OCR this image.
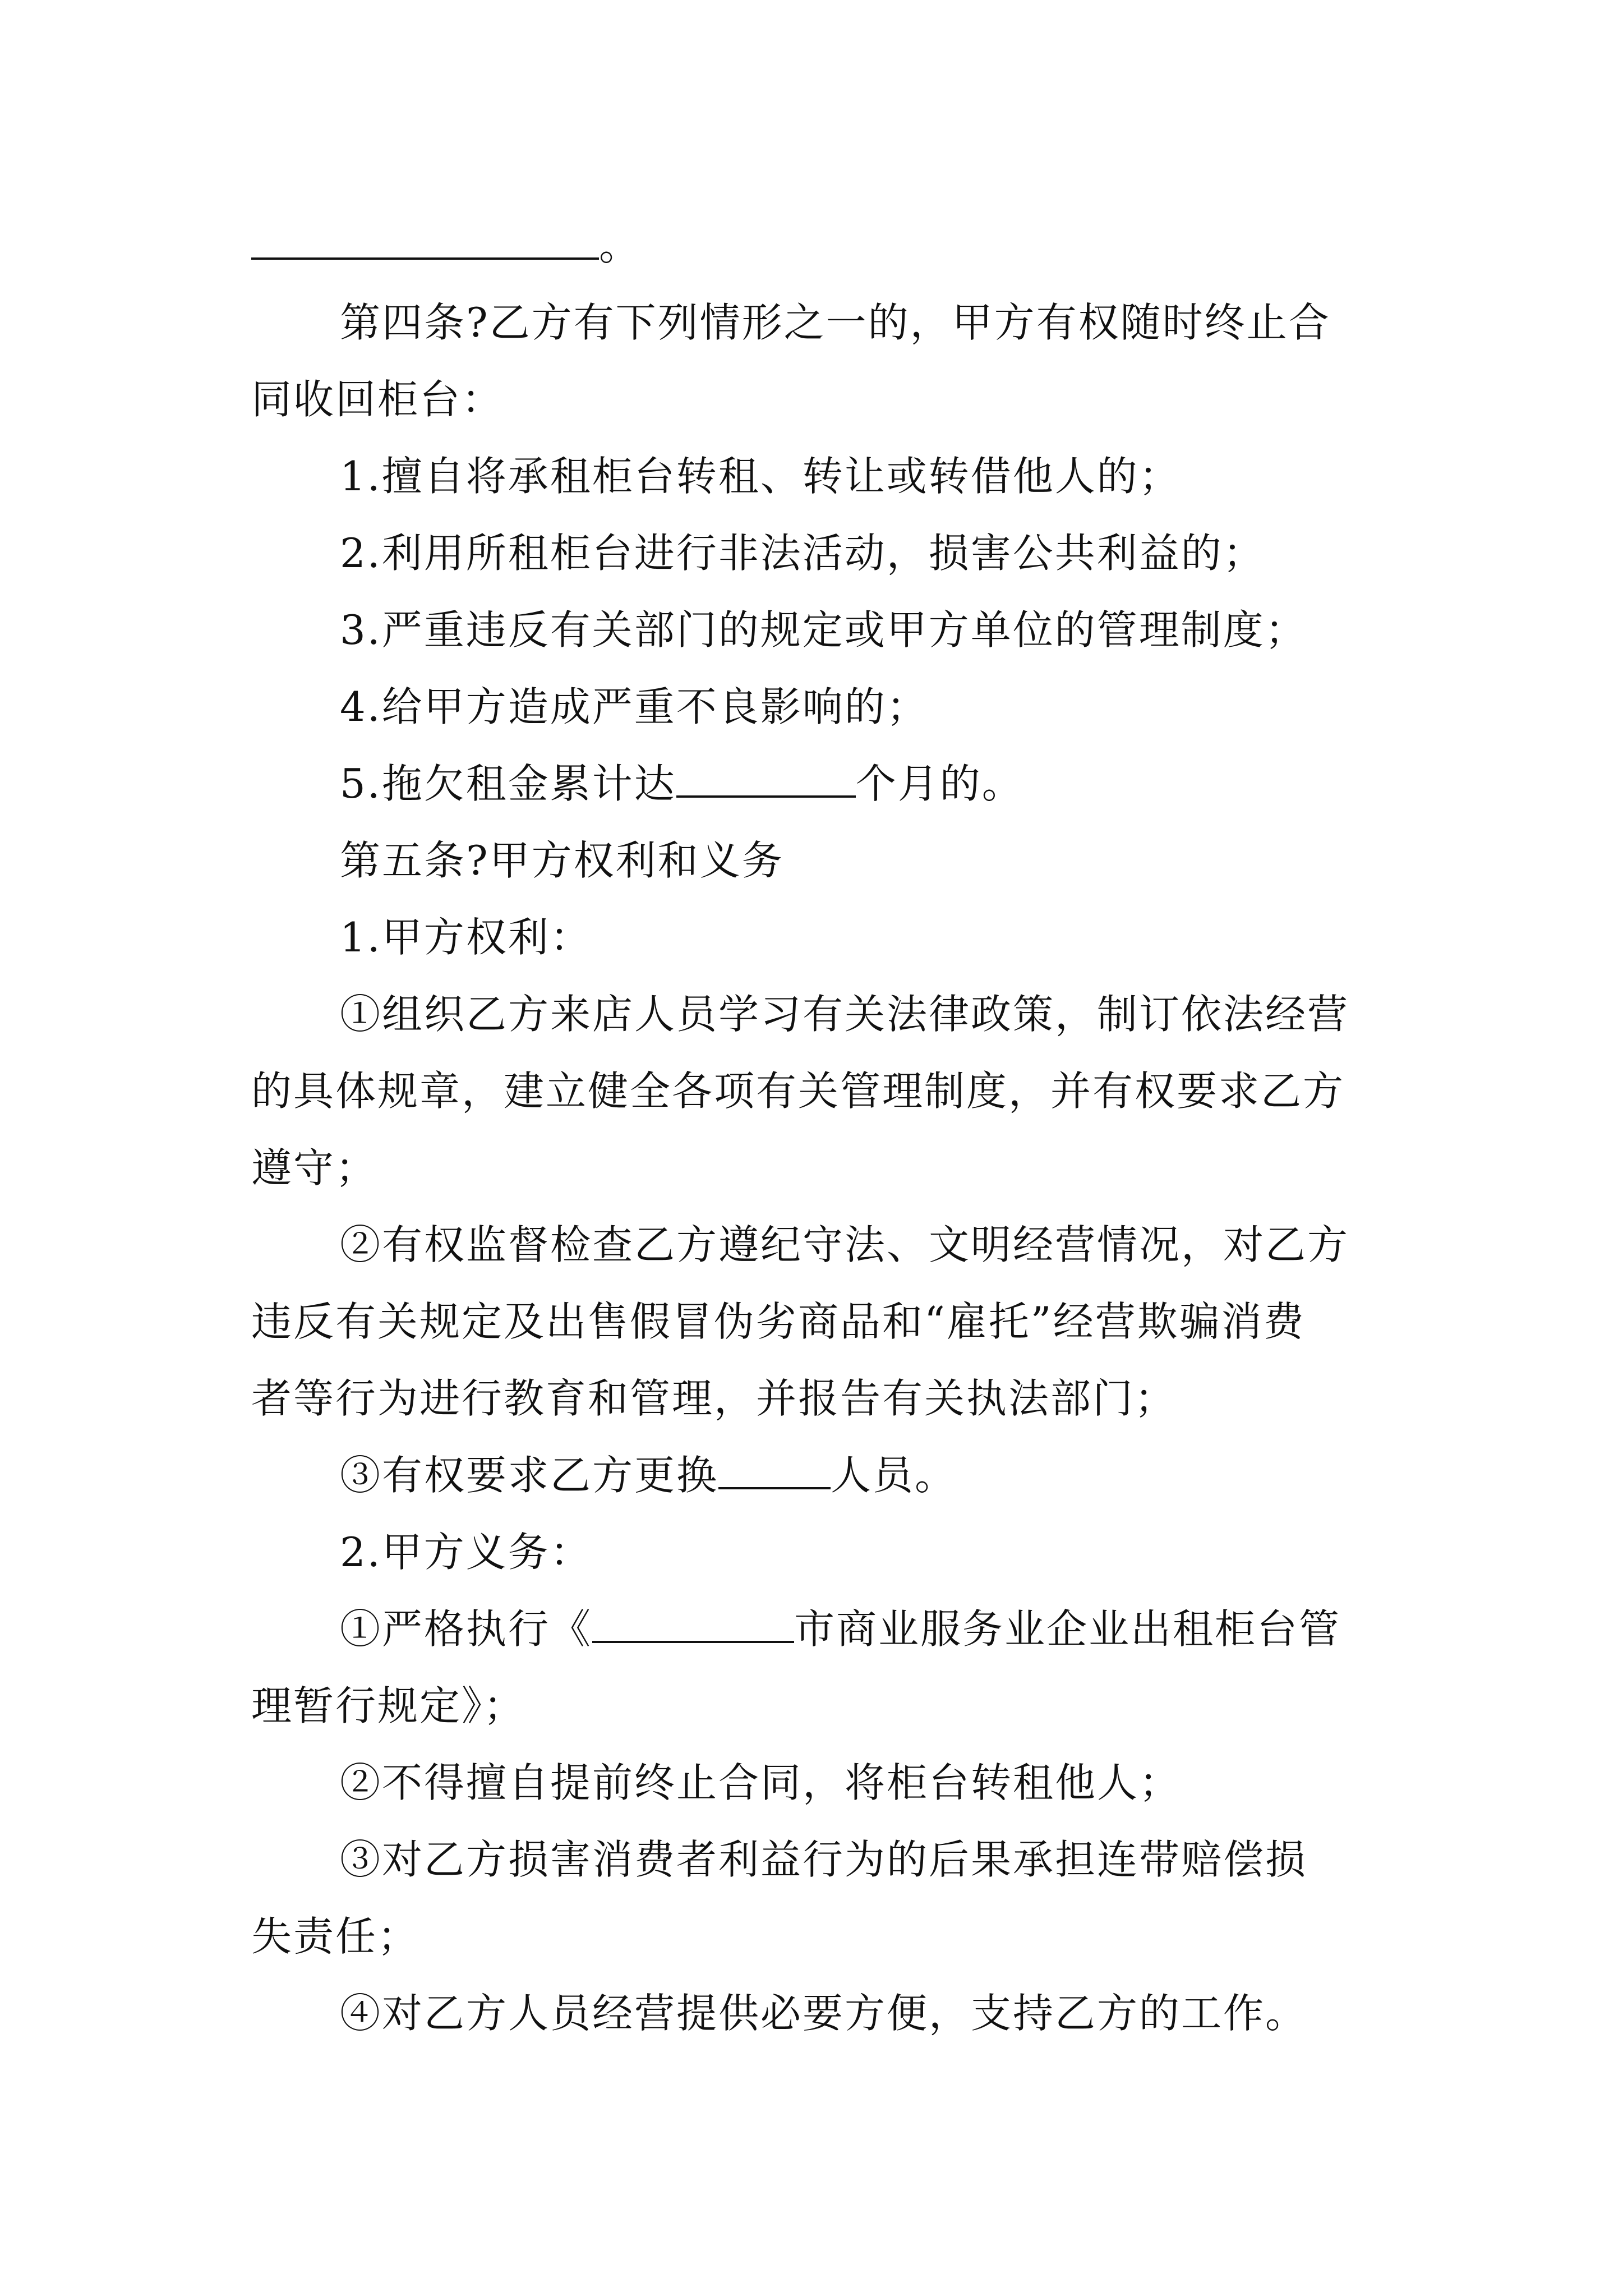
。
第四条?乙方有下列情形之一的，甲方有权随时终止合
同收回柜台：
1.擅自将承租柜台转租、转让或转借他人的；
2.利用所租柜台进行非法活动，损害公共利益的；
3.严重违反有关部门的规定或甲方单位的管理制度；
4.给甲方造成严重不良影响的；
5.拖欠租金累计达	个月的。
第五条?甲方权利和义务
1.甲方权利：
①组织乙方来店人员学习有关法律政策，制订依法经营
的具体规章，建立健全各项有关管理制度，并有权要求乙方
遵守；
②有权监督检查乙方遵纪守法、文明经营情况，对乙方
违反有关规定及出售假冒伪劣商品和“雇托”经营欺骗消费
者等行为进行教育和管理，并报告有关执法部门；
③有权要求乙方更换	人员。
2.甲方义务：
①严格执行《	市商业服务业企业出租柜台管
理暂行规定》；
②不得擅自提前终止合同，将柜台转租他人；
③对乙方损害消费者利益行为的后果承担连带赔偿损
失责任；
④对乙方人员经营提供必要方便，支持乙方的工作。
